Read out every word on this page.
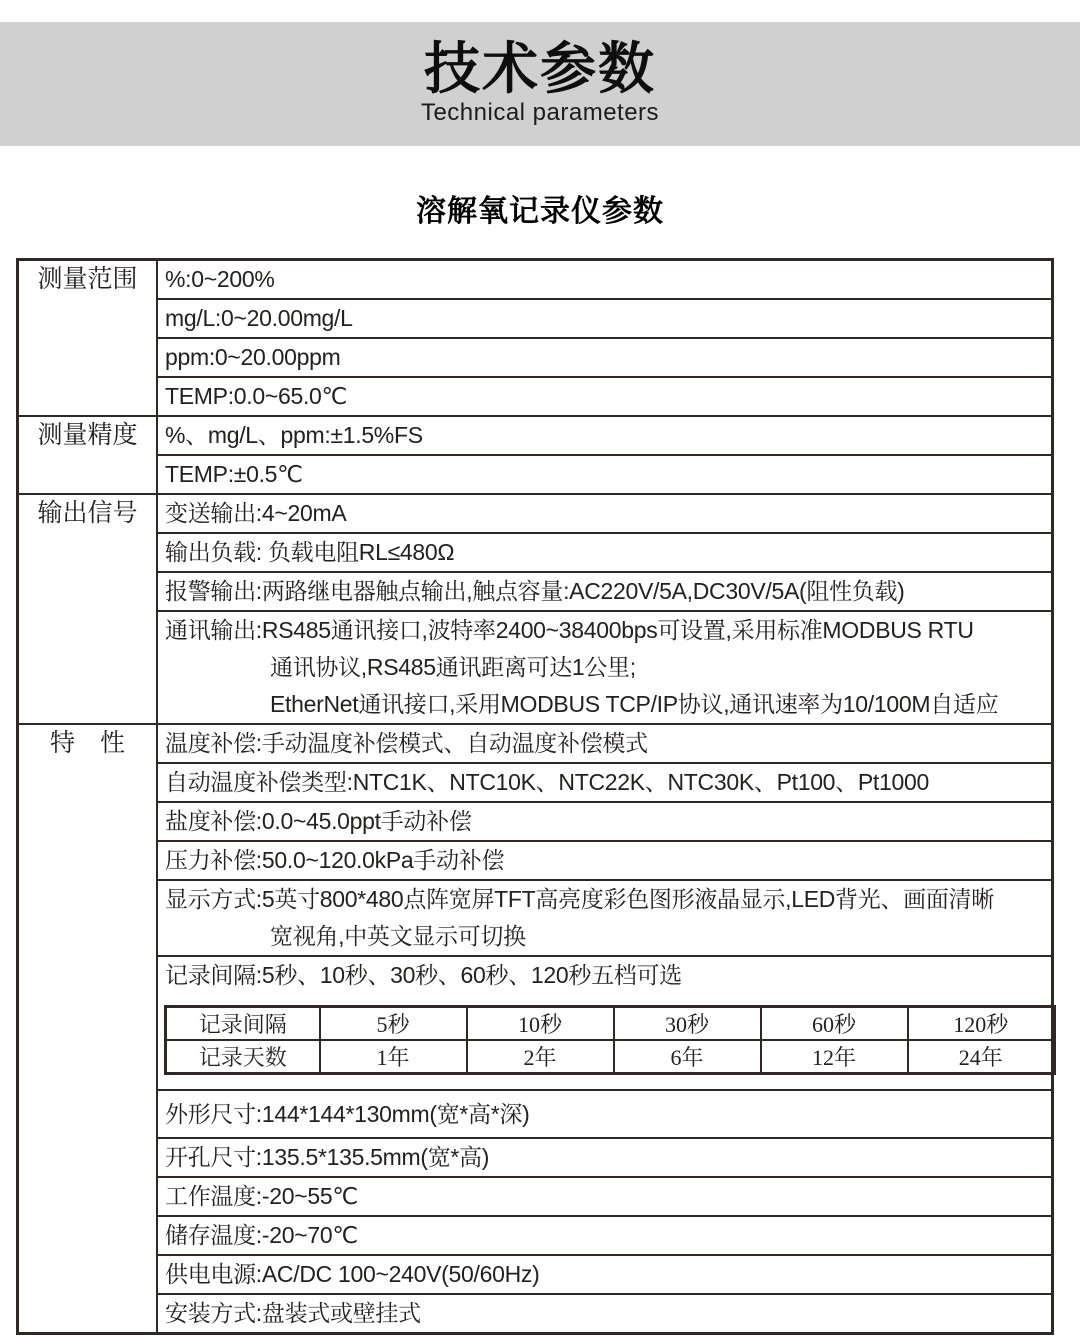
技术参数

Technical parameters

溶解氧记录仪参数
测量范围	%:0~200%
mg/L:0~20.00mg/L
ppm:0~20.00ppm
TEMP:0.0~65.0℃
测量精度	%、mg/L、ppm:±1.5%FS
TEMP:±0.5℃
输出信号	变送输出:4~20mA
输出负载: 负载电阻RL≤480Ω
报警输出:两路继电器触点输出,触点容量:AC220V/5A,DC30V/5A(阻性负载)
通讯输出:RS485通讯接口,波特率2400~38400bps可设置,采用标准MODBUS RTU
通讯协议,RS485通讯距离可达1公里;
EtherNet通讯接口,采用MODBUS TCP/IP协议,通讯速率为10/100M自适应
特　性	温度补偿:手动温度补偿模式、自动温度补偿模式
自动温度补偿类型:NTC1K、NTC10K、NTC22K、NTC30K、Pt100、Pt1000
盐度补偿:0.0~45.0ppt手动补偿
压力补偿:50.0~120.0kPa手动补偿
显示方式:5英寸800*480点阵宽屏TFT高亮度彩色图形液晶显示,LED背光、画面清晰
宽视角,中英文显示可切换
记录间隔:5秒、10秒、30秒、60秒、120秒五档可选
记录间隔	5秒	10秒	30秒	60秒	120秒
记录天数	1年	2年	6年	12年	24年
外形尺寸:144*144*130mm(宽*高*深)
开孔尺寸:135.5*135.5mm(宽*高)
工作温度:-20~55℃
储存温度:-20~70℃
供电电源:AC/DC 100~240V(50/60Hz)
安装方式:盘装式或壁挂式
